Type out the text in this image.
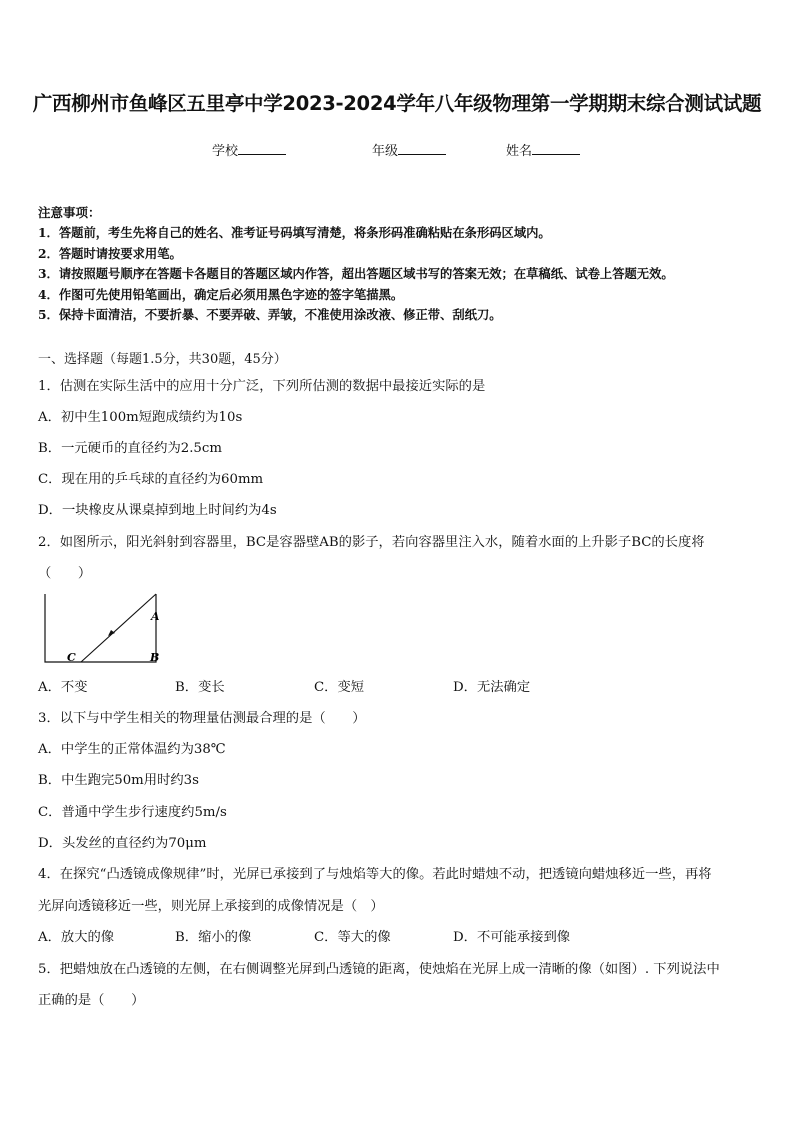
广西柳州市鱼峰区五里亭中学2023-2024学年八年级物理第一学期期末综合测试试题
学校	年级	姓名
注意事项：
1．答题前，考生先将自己的姓名、准考证号码填写清楚，将条形码准确粘贴在条形码区域内。
2．答题时请按要求用笔。
3．请按照题号顺序在答题卡各题目的答题区域内作答，超出答题区域书写的答案无效；在草稿纸、试卷上答题无效。
4．作图可先使用铅笔画出，确定后必须用黑色字迹的签字笔描黑。
5．保持卡面清洁，不要折暴、不要弄破、弄皱，不准使用涂改液、修正带、刮纸刀。
一、选择题（每题1.5分，共30题，45分）
1．估测在实际生活中的应用十分广泛，下列所估测的数据中最接近实际的是
A．初中生100m短跑成绩约为10s
B．一元硬币的直径约为2.5cm
C．现在用的乒乓球的直径约为60mm
D．一块橡皮从课桌掉到地上时间约为4s
2．如图所示，阳光斜射到容器里，BC是容器壁AB的影子，若向容器里注入水，随着水面的上升影子BC的长度将
（　　）
A
B
C
A．不变	B．变长	C．变短	D．无法确定
3．以下与中学生相关的物理量估测最合理的是（　　）
A．中学生的正常体温约为38℃
B．中生跑完50m用时约3s
C．普通中学生步行速度约5m/s
D．头发丝的直径约为70μm
4．在探究“凸透镜成像规律”时，光屏已承接到了与烛焰等大的像。若此时蜡烛不动，把透镜向蜡烛移近一些，再将
光屏向透镜移近一些，则光屏上承接到的成像情况是（　）
A．放大的像	B．缩小的像	C．等大的像	D．不可能承接到像
5．把蜡烛放在凸透镜的左侧，在右侧调整光屏到凸透镜的距离，使烛焰在光屏上成一清晰的像（如图）. 下列说法中
正确的是（　　）
